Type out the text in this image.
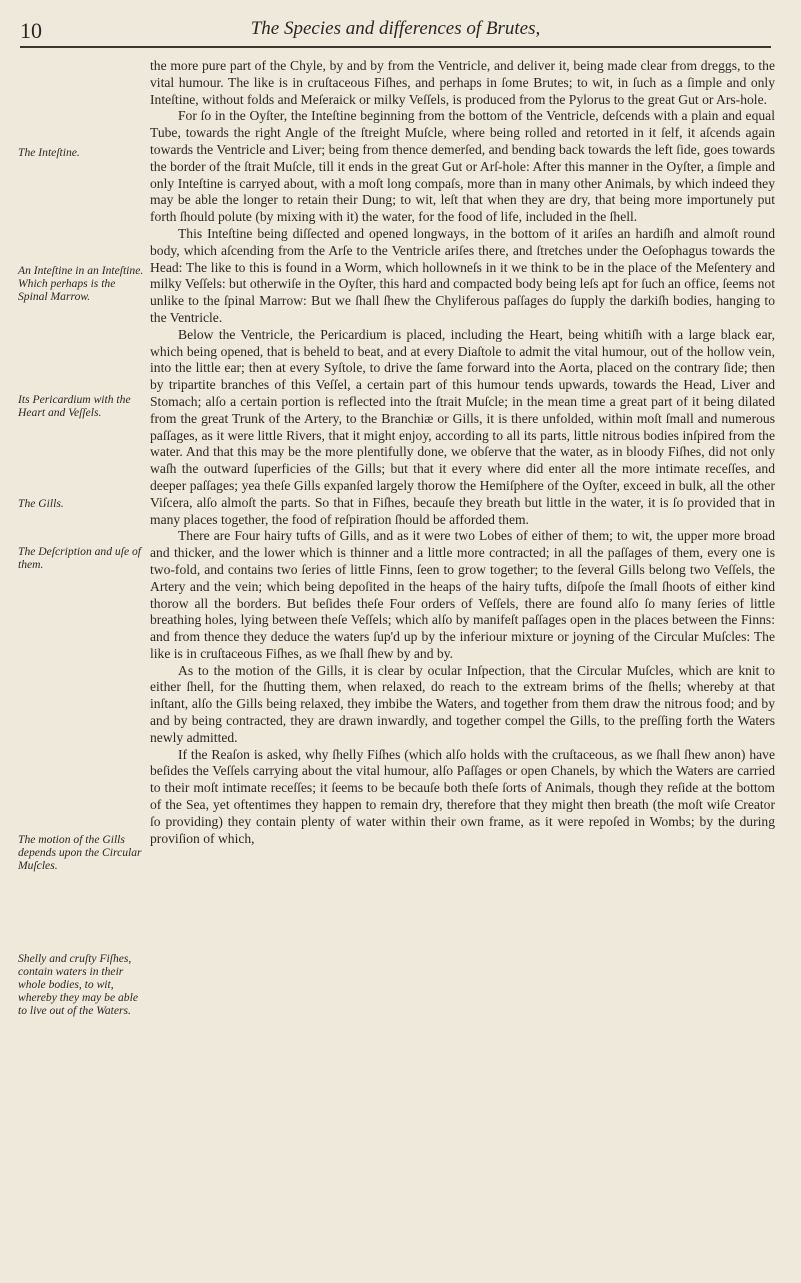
10	The Species and differences of Brutes,
The Inteſtine.
An Inteſtine in an Inteſtine. Which perhaps is the Spinal Marrow.
Its Pericardium with the Heart and Veſſels.
The Gills.
The Deſcription and uſe of them.
The motion of the Gills depends upon the Circular Muſcles.
Shelly and cruſty Fiſhes, contain waters in their whole bodies, to wit, whereby they may be able to live out of the Waters.

the more pure part of the Chyle, by and by from the Ventricle, and deliver it, being made clear from dreggs, to the vital humour. The like is in cruſtaceous Fiſhes, and perhaps in ſome Brutes; to wit, in ſuch as a ſimple and only Inteſtine, without folds and Meſeraick or milky Veſſels, is produced from the Pylorus to the great Gut or Ars-hole.

For ſo in the Oyſter, the Inteſtine beginning from the bottom of the Ventricle, deſcends with a plain and equal Tube, towards the right Angle of the ſtreight Muſcle, where being rolled and retorted in it ſelf, it aſcends again towards the Ventricle and Liver; being from thence demerſed, and bending back towards the left ſide, goes towards the border of the ſtrait Muſcle, till it ends in the great Gut or Arſ-hole: After this manner in the Oyſter, a ſimple and only Inteſtine is carryed about, with a moſt long compaſs, more than in many other Animals, by which indeed they may be able the longer to retain their Dung; to wit, leſt that when they are dry, that being more importunely put forth ſhould polute (by mixing with it) the water, for the food of life, included in the ſhell.

This Inteſtine being diſſected and opened longways, in the bottom of it ariſes an hardiſh and almoſt round body, which aſcending from the Arſe to the Ventricle ariſes there, and ſtretches under the Oeſophagus towards the Head: The like to this is found in a Worm, which hollowneſs in it we think to be in the place of the Meſentery and milky Veſſels: but otherwiſe in the Oyſter, this hard and compacted body being leſs apt for ſuch an office, ſeems not unlike to the ſpinal Marrow: But we ſhall ſhew the Chyliferous paſſages do ſupply the darkiſh bodies, hanging to the Ventricle.

Below the Ventricle, the Pericardium is placed, including the Heart, being whitiſh with a large black ear, which being opened, that is beheld to beat, and at every Diaſtole to admit the vital humour, out of the hollow vein, into the little ear; then at every Syſtole, to drive the ſame forward into the Aorta, placed on the contrary ſide; then by tripartite branches of this Veſſel, a certain part of this humour tends upwards, towards the Head, Liver and Stomach; alſo a certain portion is reflected into the ſtrait Muſcle; in the mean time a great part of it being dilated from the great Trunk of the Artery, to the Branchiæ or Gills, it is there unfolded, within moſt ſmall and numerous paſſages, as it were little Rivers, that it might enjoy, according to all its parts, little nitrous bodies inſpired from the water. And that this may be the more plentifully done, we obſerve that the water, as in bloody Fiſhes, did not only waſh the outward ſuperficies of the Gills; but that it every where did enter all the more intimate receſſes, and deeper paſſages; yea theſe Gills expanſed largely thorow the Hemiſphere of the Oyſter, exceed in bulk, all the other Viſcera, alſo almoſt the parts. So that in Fiſhes, becauſe they breath but little in the water, it is ſo provided that in many places together, the food of reſpiration ſhould be afforded them.

There are Four hairy tufts of Gills, and as it were two Lobes of either of them; to wit, the upper more broad and thicker, and the lower which is thinner and a little more contracted; in all the paſſages of them, every one is two-fold, and contains two ſeries of little Finns, ſeen to grow together; to the ſeveral Gills belong two Veſſels, the Artery and the vein; which being depoſited in the heaps of the hairy tufts, diſpoſe the ſmall ſhoots of either kind thorow all the borders. But beſides theſe Four orders of Veſſels, there are found alſo ſo many ſeries of little breathing holes, lying between theſe Veſſels; which alſo by manifeſt paſſages open in the places between the Finns: and from thence they deduce the waters ſup'd up by the inferiour mixture or joyning of the Circular Muſcles: The like is in cruſtaceous Fiſhes, as we ſhall ſhew by and by.

As to the motion of the Gills, it is clear by ocular Inſpection, that the Circular Muſcles, which are knit to either ſhell, for the ſhutting them, when relaxed, do reach to the extream brims of the ſhells; whereby at that inſtant, alſo the Gills being relaxed, they imbibe the Waters, and together from them draw the nitrous food; and by and by being contracted, they are drawn inwardly, and together compel the Gills, to the preſſing forth the Waters newly admitted.

If the Reaſon is asked, why ſhelly Fiſhes (which alſo holds with the cruſtaceous, as we ſhall ſhew anon) have beſides the Veſſels carrying about the vital humour, alſo Paſſages or open Chanels, by which the Waters are carried to their moſt intimate receſſes; it ſeems to be becauſe both theſe ſorts of Animals, though they reſide at the bottom of the Sea, yet oftentimes they happen to remain dry, therefore that they might then breath (the moſt wiſe Creator ſo providing) they contain plenty of water within their own frame, as it were repoſed in Wombs; by the during proviſion of which,
